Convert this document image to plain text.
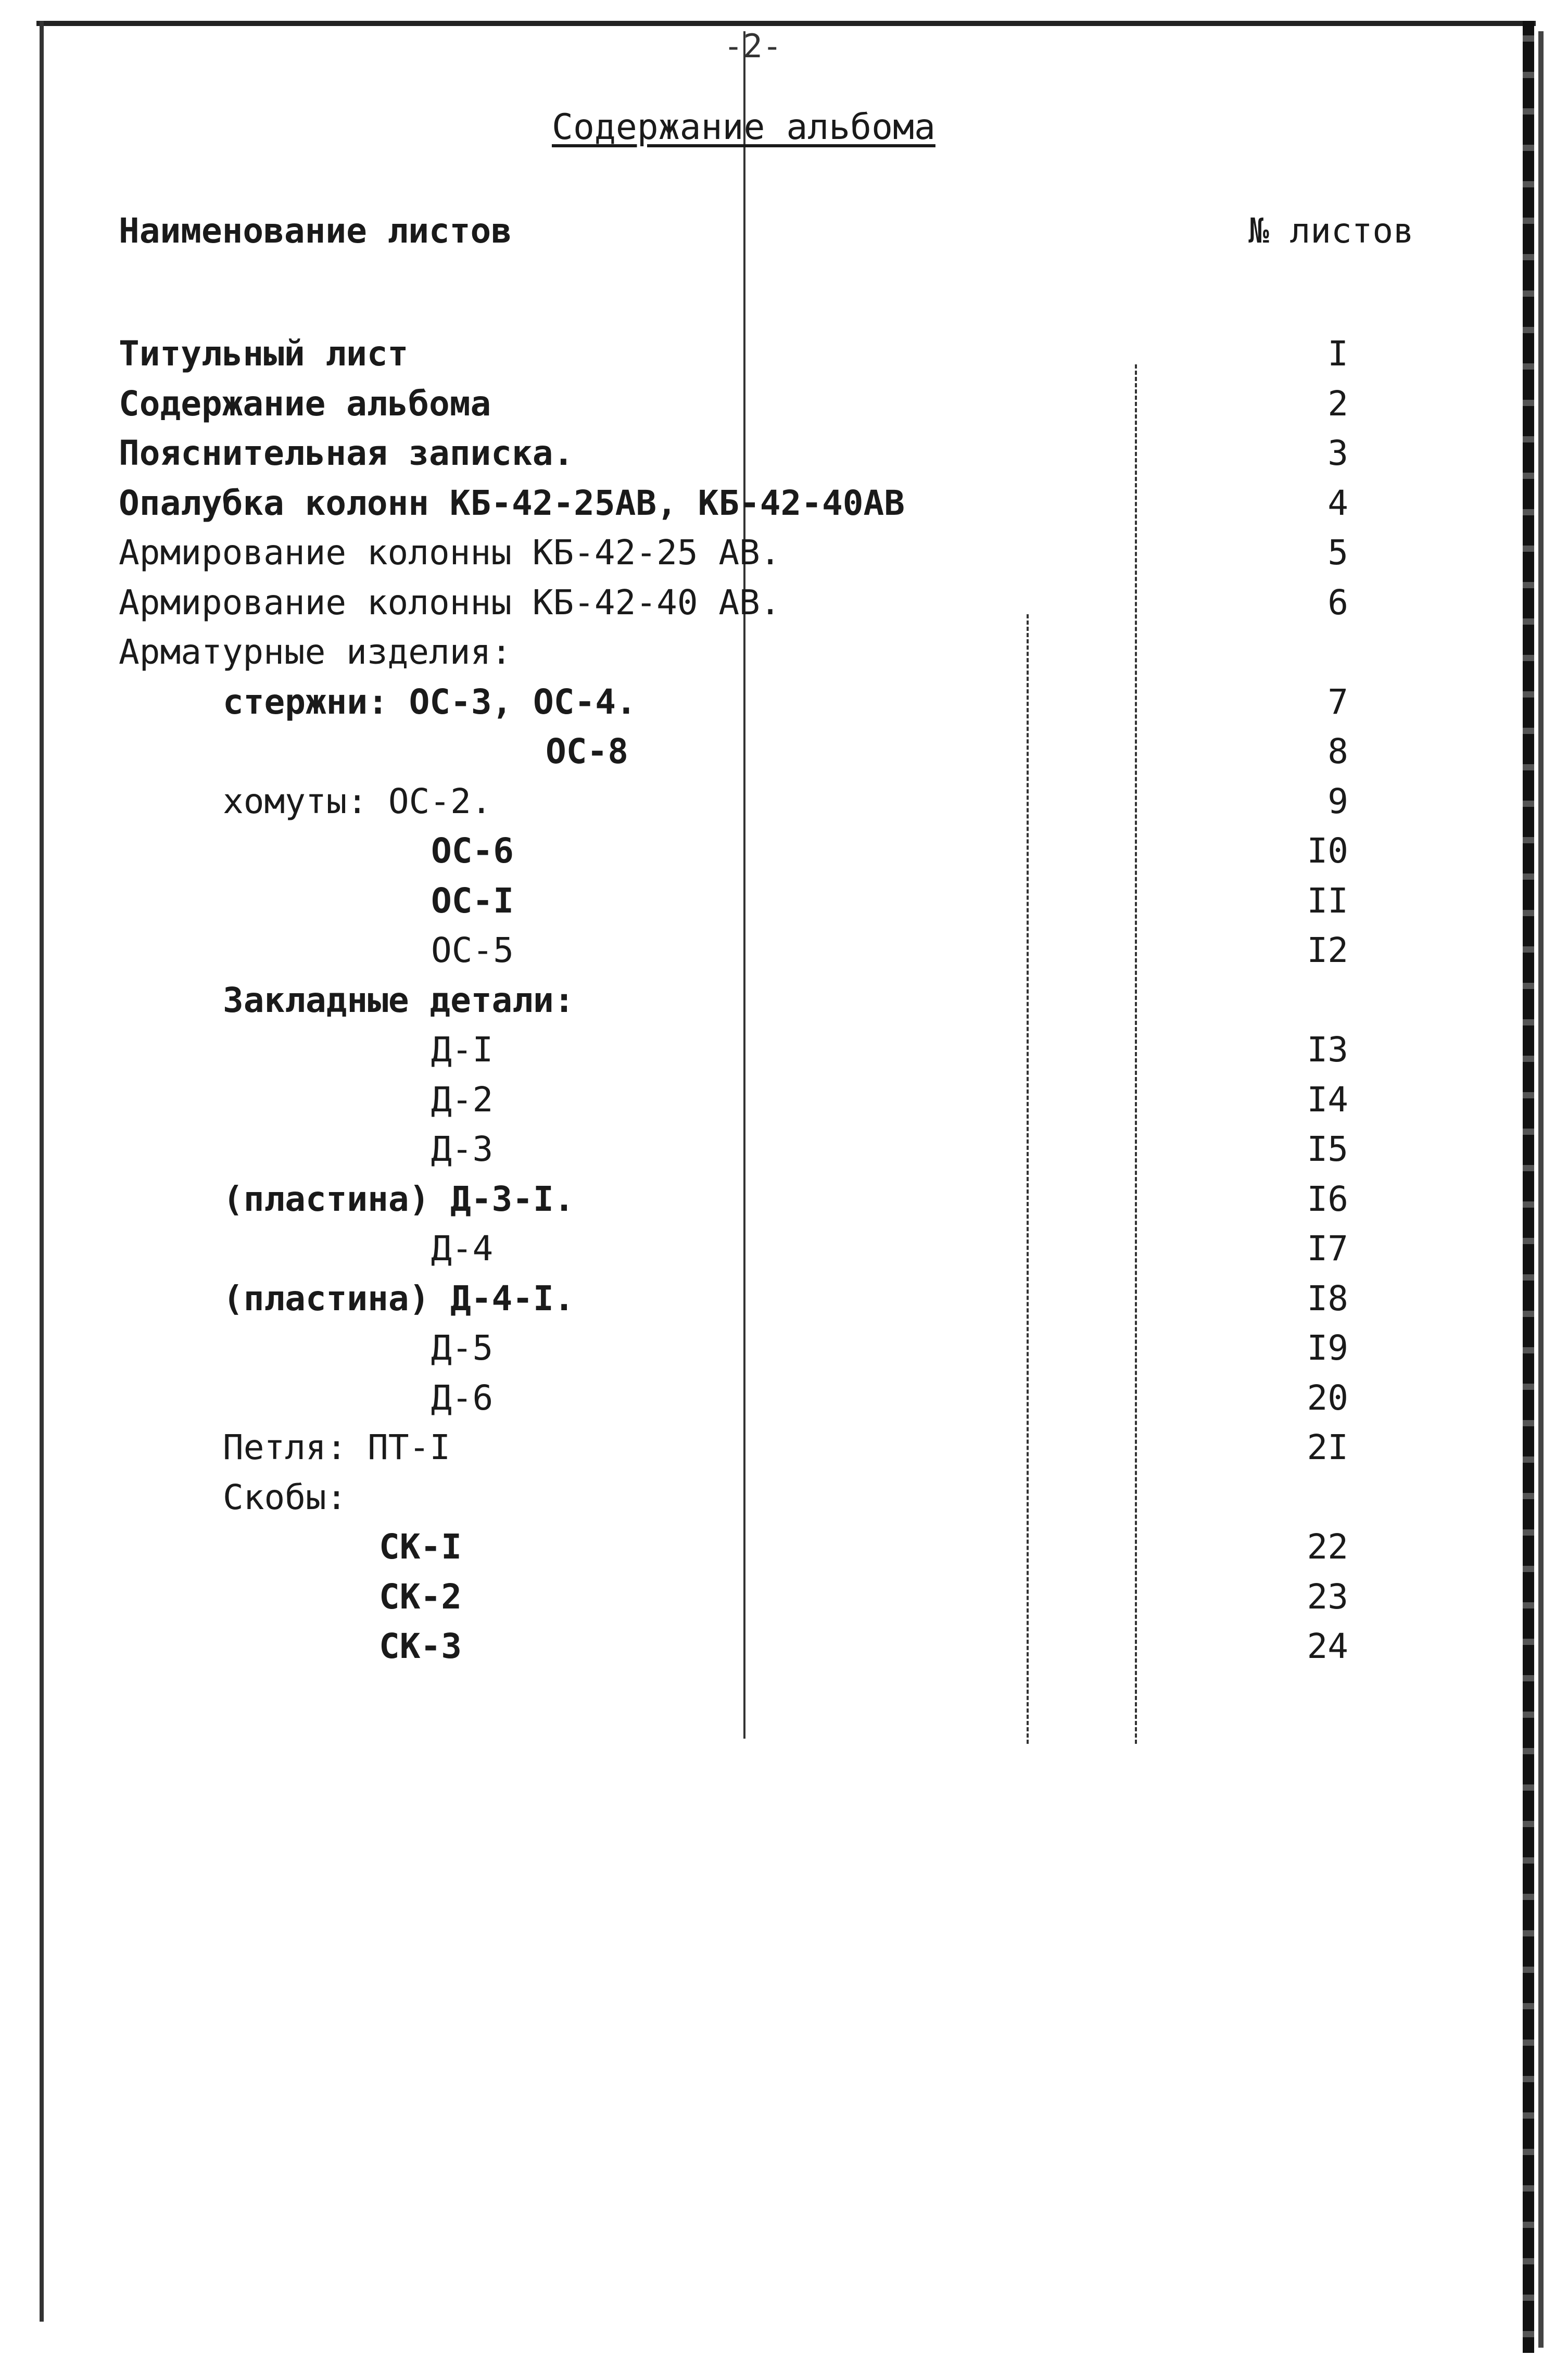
-2-
Содержание альбома
Наименование листов	№ листов
Титульный лист	I
Содержание альбома	2
Пояснительная записка.	3
Опалубка колонн КБ-42-25АВ, КБ-42-40АВ	4
Армирование колонны КБ-42-25 АВ.	5
Армирование колонны КБ-42-40 АВ.	6
Арматурные изделия:
стержни: ОС-3, ОС-4.	7
ОС-8	8
хомуты: ОС-2.	9
ОС-6	I0
ОС-I	II
ОС-5	I2
Закладные детали:
Д-I	I3
Д-2	I4
Д-3	I5
(пластина) Д-3-I.	I6
Д-4	I7
(пластина) Д-4-I.	I8
Д-5	I9
Д-6	20
Петля: ПТ-I	2I
Скобы:
СК-I	22
СК-2	23
СК-3	24
